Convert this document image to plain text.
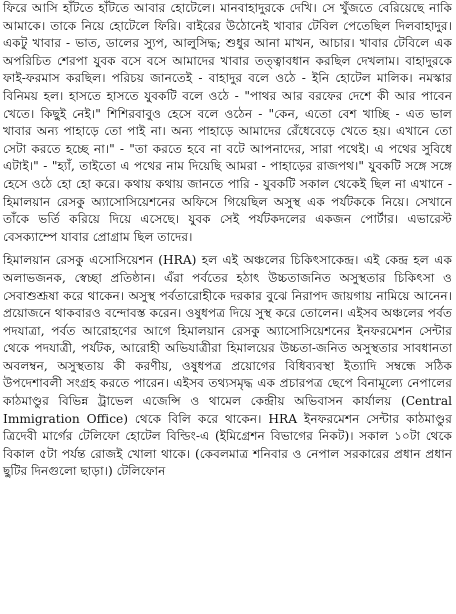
ফিরে আসি হাঁটতে হাঁটতে আবার হোটেলে। মানবাহাদুরকে দেখি। সে খুঁজতে বেরিয়েছে নাকি আমাকে। তাকে নিয়ে হোটেলে ফিরি। বাইরের উঠোনেই খাবার টেবিল পেতেছিল দিলবাহাদুর। একটু খাবার - ভাত, ডালের স্যুপ, আলুসিদ্ধ; শুধুর আনা মাখন, আচার। খাবার টেবিলে এক অপরিচিত শেরপা যুবক বসে বসে আমাদের খাবার তত্ত্বাবধান করছিল দেখলাম। বাহাদুরকে ফাই-ফরমাস করছিল। পরিচয় জানতেই - বাহাদুর বলে ওঠে - ইনি হোটেল মালিক। নমস্কার বিনিময় হল। হাসতে হাসতে যুবকটি বলে ওঠে - "পাথর আর বরফের দেশে কী আর পাবেন খেতে। কিছুই নেই।" শিশিরবাবুও হেসে বলে ওঠেন - "কেন, এতো বেশ খাচ্ছি - এত ভাল খাবার অন্য পাহাড়ে তো পাই না। অন্য পাহাড়ে আমাদের রেঁধেবেড়ে খেতে হয়। এখানে তো সেটা করতে হচ্ছে না।" - "তা করতে হবে না বটে আপনাদের, সারা পথেই। এ পথের সুবিধে এটাই।" - "হ্যাঁ, তাইতো এ পথের নাম দিয়েছি আমরা - পাহাড়ের রাজপথ।" যুবকটি সঙ্গে সঙ্গে হেসে ওঠে হো হো করে। কথায় কথায় জানতে পারি - যুবকটি সকাল থেকেই ছিল না এখানে - হিমালয়ান রেসকু অ্যাসোসিয়েশনের অফিসে গিয়েছিল অসুস্থ এক পর্যটককে নিয়ে। সেখানে তাঁকে ভর্তি করিয়ে দিয়ে এসেছে। যুবক সেই পর্যটকদলের একজন পোর্টার। এভারেস্ট বেসক্যাম্পে যাবার প্রোগ্রাম ছিল তাদের।

হিমালয়ান রেসকু এসোসিয়েশন (HRA) হল এই অঞ্চলের চিকিৎসাকেন্দ্র। এই কেন্দ্র হল এক অলাভজনক, স্বেচ্ছা প্রতিষ্ঠান। এঁরা পর্বতের হঠাৎ উচ্চতাজনিত অসুস্থতার চিকিৎসা ও সেবাশুশ্রূষা করে থাকেন। অসুস্থ পর্বতারোহীকে দরকার বুঝে নিরাপদ জায়গায় নামিয়ে আনেন। প্রয়োজনে থাকবারও বন্দোবস্ত করেন। ওষুধপত্র দিয়ে সুস্থ করে তোলেন। এইসব অঞ্চলের পর্বত পদযাত্রা, পর্বত আরোহণের আগে হিমালয়ান রেসকু অ্যাসোসিয়েশনের ইনফরমেশন সেন্টার থেকে পদযাত্রী, পর্যটক, আরোহী অভিযাত্রীরা হিমালয়ের উচ্চতা-জনিত অসুস্থতার সাবধানতা অবলম্বন, অসুস্থতায় কী করণীয়, ওষুধপত্র প্রয়োগের বিধিব্যবস্থা ইত্যাদি সম্বন্ধে সঠিক উপদেশাবলী সংগ্রহ করতে পারেন। এইসব তথ্যসমৃদ্ধ এক প্রচারপত্র ছেপে বিনামূল্যে নেপালের কাঠমাণ্ডুর বিভিন্ন ট্রাভেল এজেন্সি ও থামেল কেন্দ্রীয় অভিবাসন কার্যালয় (Central Immigration Office) থেকে বিলি করে থাকেন। HRA ইনফরমেশন সেন্টার কাঠমাণ্ডুর ত্রিদেবী মার্গের টেলিফো হোটেল বিল্ডিং-এ (ইমিগ্রেশন বিভাগের নিকট)। সকাল ১০টা থেকে বিকাল ৫টা পর্যন্ত রোজই খোলা থাকে। (কেবলমাত্র শনিবার ও নেপাল সরকারের প্রধান প্রধান ছুটির দিনগুলো ছাড়া।) টেলিফোন
